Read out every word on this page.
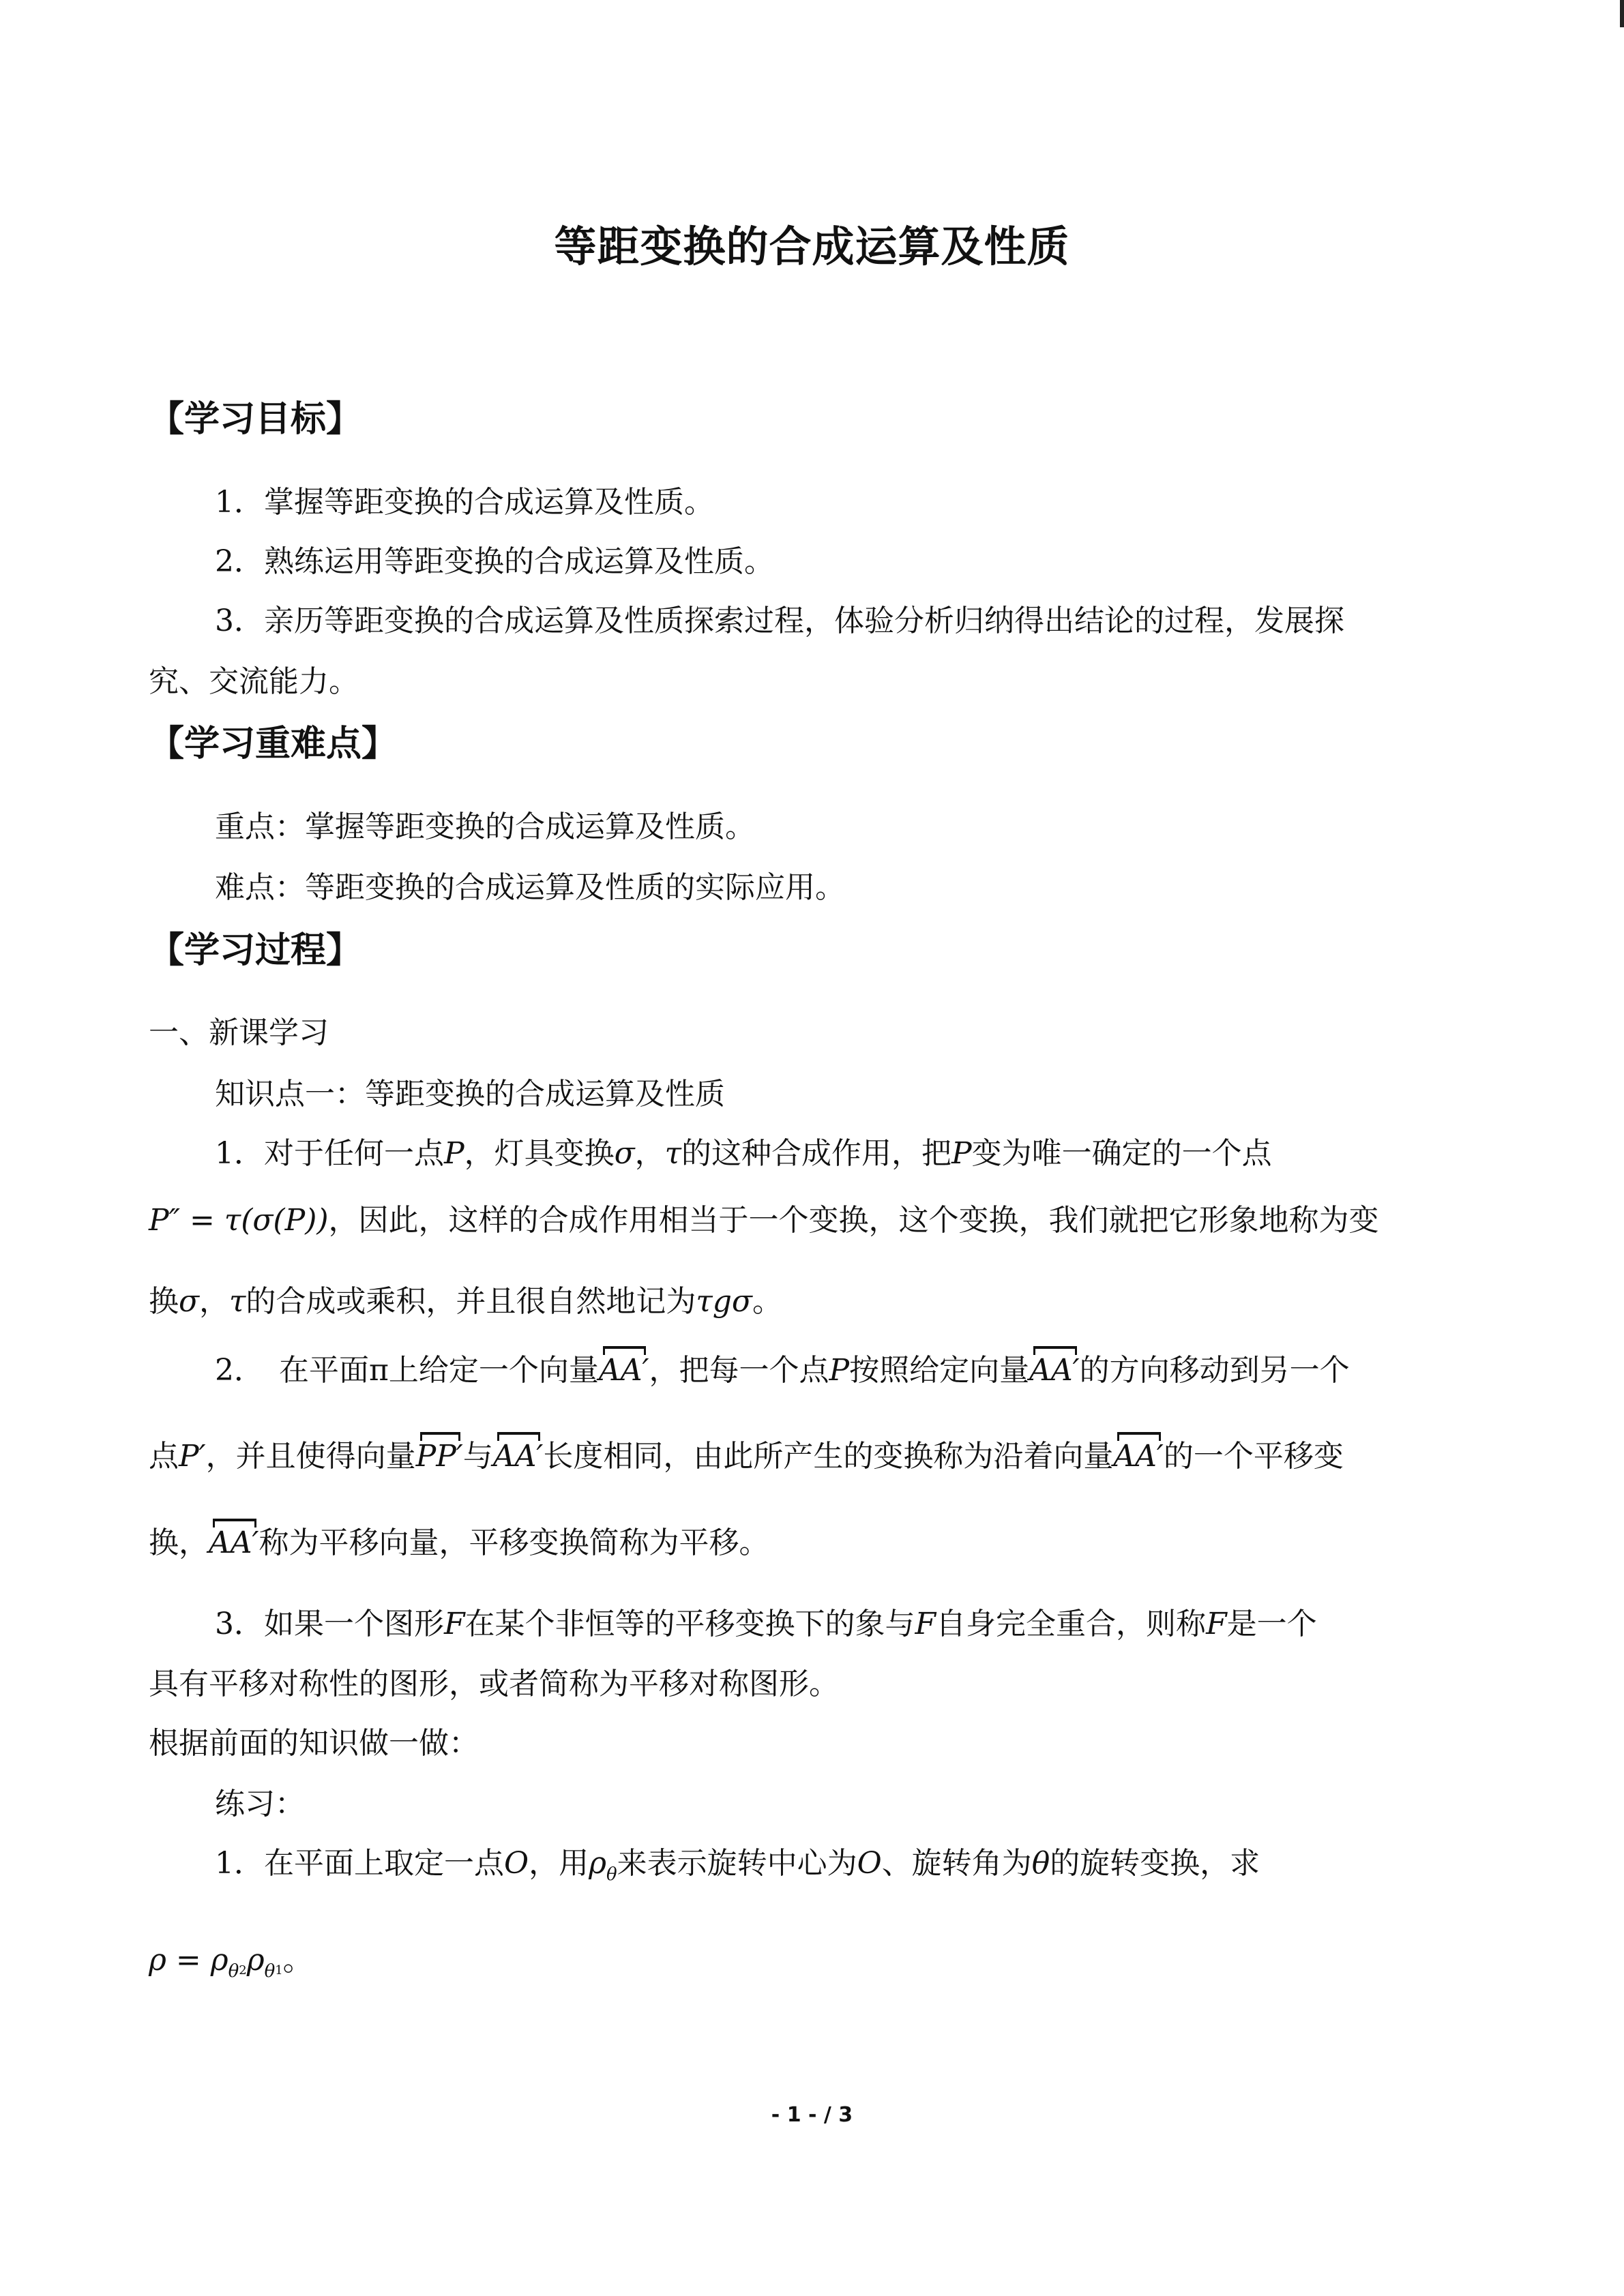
等距变换的合成运算及性质
【学习目标】
1．掌握等距变换的合成运算及性质。
2．熟练运用等距变换的合成运算及性质。
3．亲历等距变换的合成运算及性质探索过程，体验分析归纳得出结论的过程，发展探
究、交流能力。
【学习重难点】
重点：掌握等距变换的合成运算及性质。
难点：等距变换的合成运算及性质的实际应用。
【学习过程】
一、新课学习
知识点一：等距变换的合成运算及性质
1．对于任何一点P，灯具变换σ，τ的这种合成作用，把P变为唯一确定的一个点
P″ = τ(σ(P))，因此，这样的合成作用相当于一个变换，这个变换，我们就把它形象地称为变
换σ，τ的合成或乘积，并且很自然地记为τgσ。
2．　在平面π上给定一个向量AA′，把每一个点P按照给定向量AA′的方向移动到另一个
点P′，并且使得向量PP′与AA′长度相同，由此所产生的变换称为沿着向量AA′的一个平移变
换，AA′称为平移向量，平移变换简称为平移。
3．如果一个图形F在某个非恒等的平移变换下的象与F自身完全重合，则称F是一个
具有平移对称性的图形，或者简称为平移对称图形。
根据前面的知识做一做：
练习：
1．在平面上取定一点O，用$\rho_\theta$来表示旋转中心为O、旋转角为θ的旋转变换，求
$\rho = \rho_\theta 2\rho_\theta 1$。
- 1 - / 3
